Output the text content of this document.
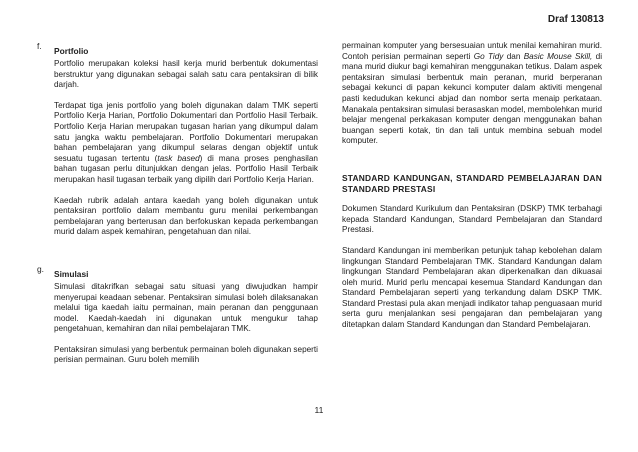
Draf 130813
f. Portfolio

Portfolio merupakan koleksi hasil kerja murid berbentuk dokumentasi berstruktur yang digunakan sebagai salah satu cara pentaksiran di bilik darjah.

Terdapat tiga jenis portfolio yang boleh digunakan dalam TMK seperti Portfolio Kerja Harian, Portfolio Dokumentari dan Portfolio Hasil Terbaik. Portfolio Kerja Harian merupakan tugasan harian yang dikumpul dalam satu jangka waktu pembelajaran. Portfolio Dokumentari merupakan bahan pembelajaran yang dikumpul selaras dengan objektif untuk sesuatu tugasan tertentu (task based) di mana proses penghasilan bahan tugasan perlu ditunjukkan dengan jelas. Portfolio Hasil Terbaik merupakan hasil tugasan terbaik yang dipilih dari Portfolio Kerja Harian.

Kaedah rubrik adalah antara kaedah yang boleh digunakan untuk pentaksiran portfolio dalam membantu guru menilai perkembangan pembelajaran yang berterusan dan berfokuskan kepada perkembangan murid dalam aspek kemahiran, pengetahuan dan nilai.

g. Simulasi

Simulasi ditakrifkan sebagai satu situasi yang diwujudkan hampir menyerupai keadaan sebenar. Pentaksiran simulasi boleh dilaksanakan melalui tiga kaedah iaitu permainan, main peranan dan penggunaan model. Kaedah-kaedah ini digunakan untuk mengukur tahap pengetahuan, kemahiran dan nilai pembelajaran TMK.

Pentaksiran simulasi yang berbentuk permainan boleh digunakan seperti perisian permainan. Guru boleh memilih

permainan komputer yang bersesuaian untuk menilai kemahiran murid. Contoh perisian permainan seperti Go Tidy dan Basic Mouse Skill, di mana murid diukur bagi kemahiran menggunakan tetikus. Dalam aspek pentaksiran simulasi berbentuk main peranan, murid berperanan sebagai kekunci di papan kekunci komputer dalam aktiviti mengenal pasti kedudukan kekunci abjad dan nombor serta menaip perkataan. Manakala pentaksiran simulasi berasaskan model, membolehkan murid belajar mengenal perkakasan komputer dengan menggunakan bahan buangan seperti kotak, tin dan tali untuk membina sebuah model komputer.

STANDARD KANDUNGAN, STANDARD PEMBELAJARAN DAN STANDARD PRESTASI

Dokumen Standard Kurikulum dan Pentaksiran (DSKP) TMK terbahagi kepada Standard Kandungan, Standard Pembelajaran dan Standard Prestasi.

Standard Kandungan ini memberikan petunjuk tahap kebolehan dalam lingkungan Standard Pembelajaran TMK. Standard Kandungan dalam lingkungan Standard Pembelajaran akan diperkenalkan dan dikuasai oleh murid. Murid perlu mencapai kesemua Standard Kandungan dan Standard Pembelajaran seperti yang terkandung dalam DSKP TMK. Standard Prestasi pula akan menjadi indikator tahap penguasaan murid serta guru menjalankan sesi pengajaran dan pembelajaran yang ditetapkan dalam Standard Kandungan dan Standard Pembelajaran.

11
